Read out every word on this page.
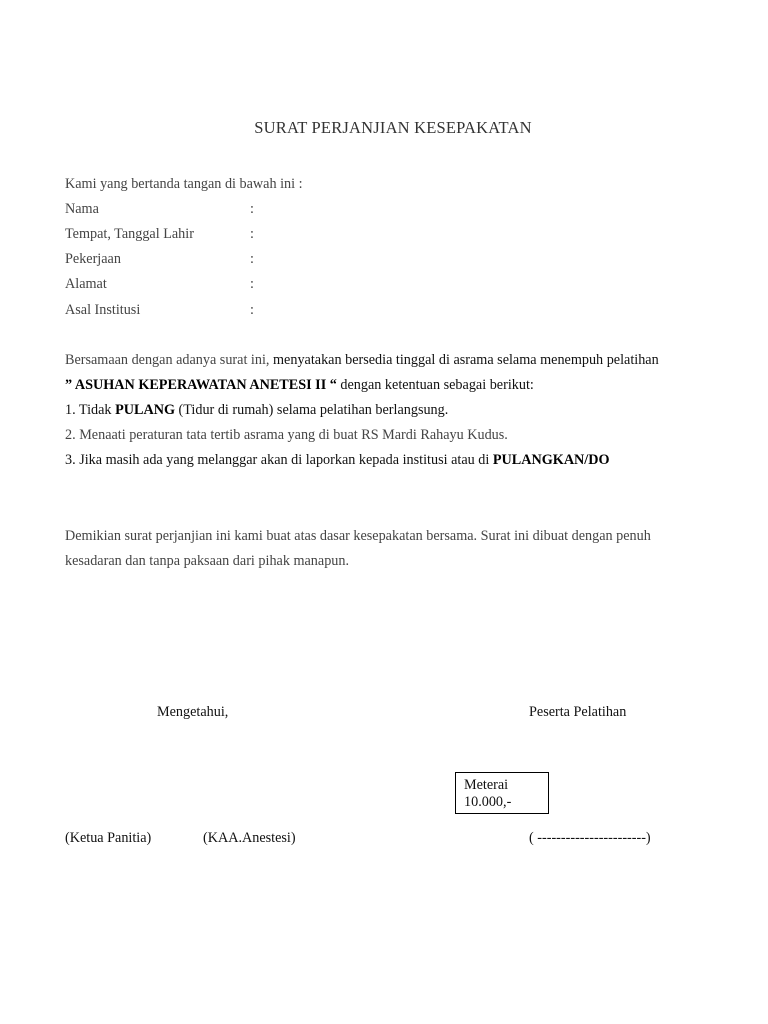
SURAT PERJANJIAN KESEPAKATAN
Kami yang bertanda tangan di bawah ini :
Nama	:
Tempat, Tanggal Lahir	:
Pekerjaan	:
Alamat	:
Asal Institusi	:
Bersamaan dengan adanya surat ini, menyatakan bersedia tinggal di asrama selama menempuh pelatihan
” ASUHAN KEPERAWATAN ANETESI II “ dengan ketentuan sebagai berikut:
1. Tidak PULANG (Tidur di rumah) selama pelatihan berlangsung.
2. Menaati peraturan tata tertib asrama yang di buat RS Mardi Rahayu Kudus.
3. Jika masih ada yang melanggar akan di laporkan kepada institusi atau di PULANGKAN/DO
Demikian surat perjanjian ini kami buat atas dasar kesepakatan bersama. Surat ini dibuat dengan penuh
kesadaran dan tanpa paksaan dari pihak manapun.
Mengetahui,	Peserta Pelatihan
Meterai
10.000,-
(Ketua Panitia)	(KAA.Anestesi)	( -----------------------)
